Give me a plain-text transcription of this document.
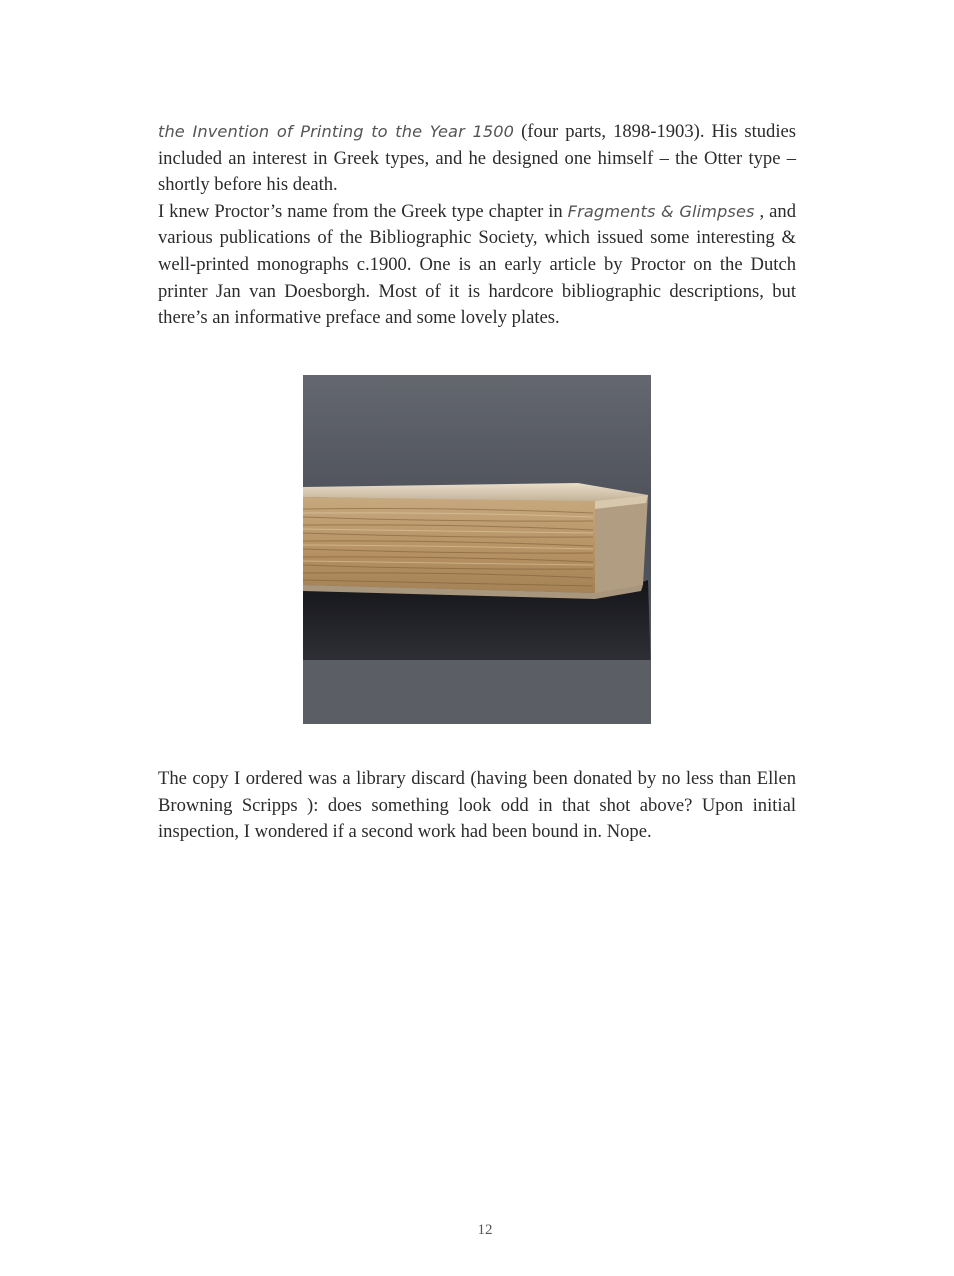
the Invention of Printing to the Year 1500 (four parts, 1898-1903). His studies included an interest in Greek types, and he designed one himself – the Otter type – shortly before his death.

I knew Proctor’s name from the Greek type chapter in Fragments & Glimpses , and various publications of the Bibliographic Society, which issued some interesting & well-printed monographs c.1900. One is an early article by Proctor on the Dutch printer Jan van Doesborgh. Most of it is hardcore bibliographic descriptions, but there’s an informative preface and some lovely plates.

The copy I ordered was a library discard (having been donated by no less than Ellen Browning Scripps ): does something look odd in that shot above? Upon initial inspection, I wondered if a second work had been bound in. Nope.

12
